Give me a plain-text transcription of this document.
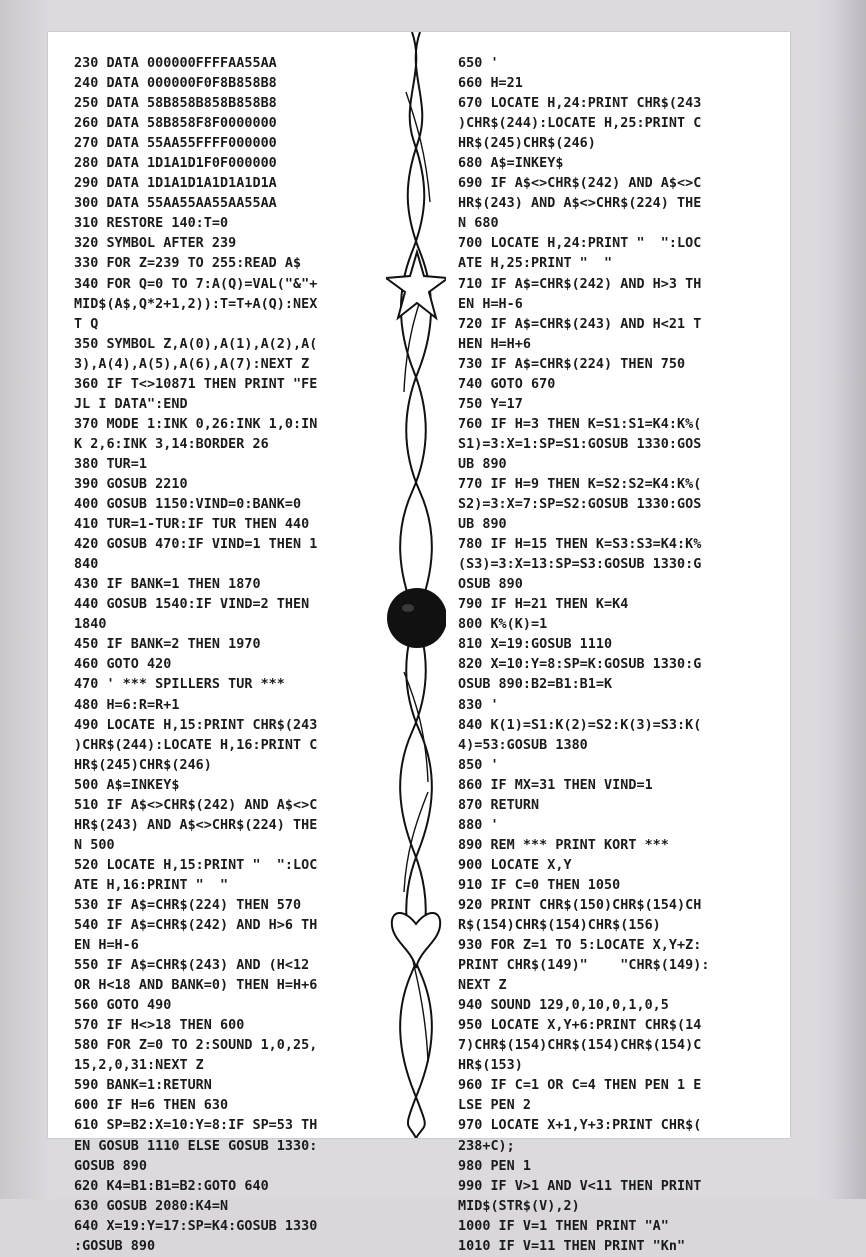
230 DATA 000000FFFFAA55AA
240 DATA 000000F0F8B858B8
250 DATA 58B858B858B858B8
260 DATA 58B858F8F0000000
270 DATA 55AA55FFFF000000
280 DATA 1D1A1D1F0F000000
290 DATA 1D1A1D1A1D1A1D1A
300 DATA 55AA55AA55AA55AA
310 RESTORE 140:T=0
320 SYMBOL AFTER 239
330 FOR Z=239 TO 255:READ A$
340 FOR Q=0 TO 7:A(Q)=VAL("&"+
MID$(A$,Q*2+1,2)):T=T+A(Q):NEX
T Q
350 SYMBOL Z,A(0),A(1),A(2),A(
3),A(4),A(5),A(6),A(7):NEXT Z
360 IF T<>10871 THEN PRINT "FE
JL I DATA":END
370 MODE 1:INK 0,26:INK 1,0:IN
K 2,6:INK 3,14:BORDER 26
380 TUR=1
390 GOSUB 2210
400 GOSUB 1150:VIND=0:BANK=0
410 TUR=1-TUR:IF TUR THEN 440
420 GOSUB 470:IF VIND=1 THEN 1
840
430 IF BANK=1 THEN 1870
440 GOSUB 1540:IF VIND=2 THEN
1840
450 IF BANK=2 THEN 1970
460 GOTO 420
470 ' *** SPILLERS TUR ***
480 H=6:R=R+1
490 LOCATE H,15:PRINT CHR$(243
)CHR$(244):LOCATE H,16:PRINT C
HR$(245)CHR$(246)
500 A$=INKEY$
510 IF A$<>CHR$(242) AND A$<>C
HR$(243) AND A$<>CHR$(224) THE
N 500
520 LOCATE H,15:PRINT "  ":LOC
ATE H,16:PRINT "  "
530 IF A$=CHR$(224) THEN 570
540 IF A$=CHR$(242) AND H>6 TH
EN H=H-6
550 IF A$=CHR$(243) AND (H<12
OR H<18 AND BANK=0) THEN H=H+6
560 GOTO 490
570 IF H<>18 THEN 600
580 FOR Z=0 TO 2:SOUND 1,0,25,
15,2,0,31:NEXT Z
590 BANK=1:RETURN
600 IF H=6 THEN 630
610 SP=B2:X=10:Y=8:IF SP=53 TH
EN GOSUB 1110 ELSE GOSUB 1330:
GOSUB 890
620 K4=B1:B1=B2:GOTO 640
630 GOSUB 2080:K4=N
640 X=19:Y=17:SP=K4:GOSUB 1330
:GOSUB 890
650 '
660 H=21
670 LOCATE H,24:PRINT CHR$(243
)CHR$(244):LOCATE H,25:PRINT C
HR$(245)CHR$(246)
680 A$=INKEY$
690 IF A$<>CHR$(242) AND A$<>C
HR$(243) AND A$<>CHR$(224) THE
N 680
700 LOCATE H,24:PRINT "  ":LOC
ATE H,25:PRINT "  "
710 IF A$=CHR$(242) AND H>3 TH
EN H=H-6
720 IF A$=CHR$(243) AND H<21 T
HEN H=H+6
730 IF A$=CHR$(224) THEN 750
740 GOTO 670
750 Y=17
760 IF H=3 THEN K=S1:S1=K4:K%(
S1)=3:X=1:SP=S1:GOSUB 1330:GOS
UB 890
770 IF H=9 THEN K=S2:S2=K4:K%(
S2)=3:X=7:SP=S2:GOSUB 1330:GOS
UB 890
780 IF H=15 THEN K=S3:S3=K4:K%
(S3)=3:X=13:SP=S3:GOSUB 1330:G
OSUB 890
790 IF H=21 THEN K=K4
800 K%(K)=1
810 X=19:GOSUB 1110
820 X=10:Y=8:SP=K:GOSUB 1330:G
OSUB 890:B2=B1:B1=K
830 '
840 K(1)=S1:K(2)=S2:K(3)=S3:K(
4)=53:GOSUB 1380
850 '
860 IF MX=31 THEN VIND=1
870 RETURN
880 '
890 REM *** PRINT KORT ***
900 LOCATE X,Y
910 IF C=0 THEN 1050
920 PRINT CHR$(150)CHR$(154)CH
R$(154)CHR$(154)CHR$(156)
930 FOR Z=1 TO 5:LOCATE X,Y+Z:
PRINT CHR$(149)"    "CHR$(149):
NEXT Z
940 SOUND 129,0,10,0,1,0,5
950 LOCATE X,Y+6:PRINT CHR$(14
7)CHR$(154)CHR$(154)CHR$(154)C
HR$(153)
960 IF C=1 OR C=4 THEN PEN 1 E
LSE PEN 2
970 LOCATE X+1,Y+3:PRINT CHR$(
238+C);
980 PEN 1
990 IF V>1 AND V<11 THEN PRINT
MID$(STR$(V),2)
1000 IF V=1 THEN PRINT "A"
1010 IF V=11 THEN PRINT "Kn"
